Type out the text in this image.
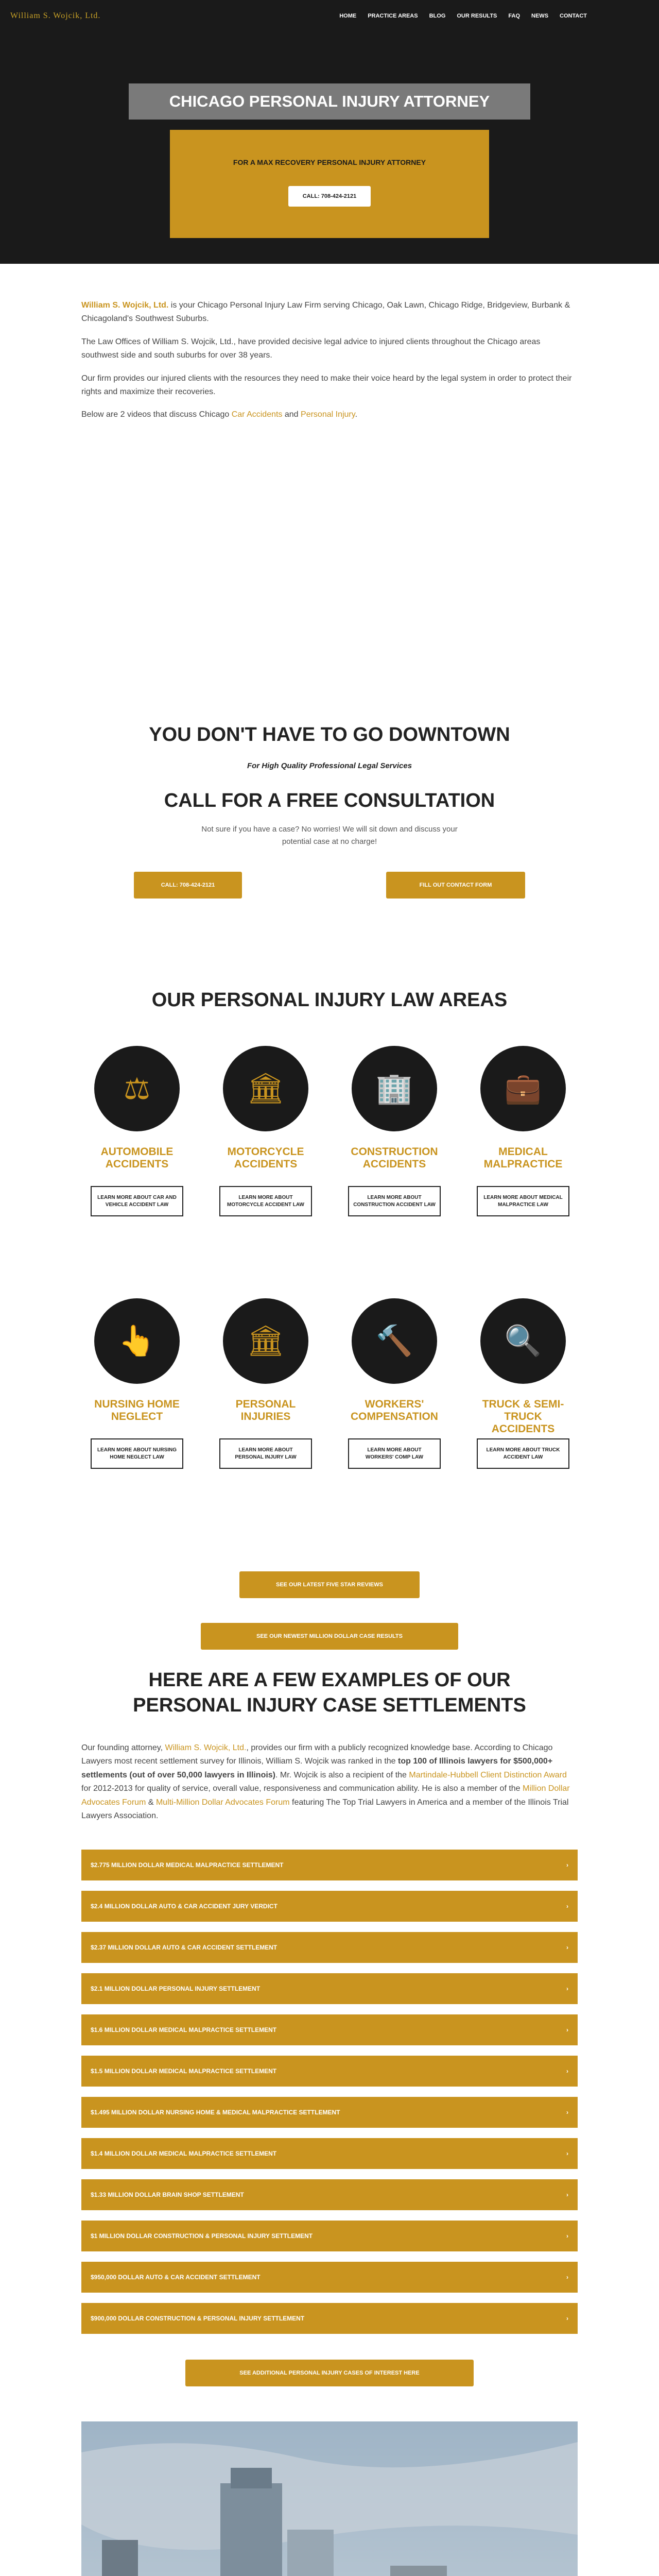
William S. Wojcik, Ltd.	HOME PRACTICE AREAS BLOG OUR RESULTS FAQ NEWS CONTACT
CHICAGO PERSONAL INJURY ATTORNEY
FOR A MAX RECOVERY PERSONAL INJURY ATTORNEY
CALL: 708-424-2121

William S. Wojcik, Ltd. is your Chicago Personal Injury Law Firm serving Chicago, Oak Lawn, Chicago Ridge, Bridgeview, Burbank & Chicagoland's Southwest Suburbs.

The Law Offices of William S. Wojcik, Ltd., have provided decisive legal advice to injured clients throughout the Chicago areas southwest side and south suburbs for over 38 years.

Our firm provides our injured clients with the resources they need to make their voice heard by the legal system in order to protect their rights and maximize their recoveries.

Below are 2 videos that discuss Chicago Car Accidents and Personal Injury.

YOU DON'T HAVE TO GO DOWNTOWN
For High Quality Professional Legal Services
CALL FOR A FREE CONSULTATION
Not sure if you have a case? No worries! We will sit down and discuss your potential case at no charge!
CALL: 708-424-2121	FILL OUT CONTACT FORM
OUR PERSONAL INJURY LAW AREAS
⚖
AUTOMOBILE ACCIDENTS
LEARN MORE ABOUT CAR AND VEHICLE ACCIDENT LAW
🏛
MOTORCYCLE ACCIDENTS
LEARN MORE ABOUT MOTORCYCLE ACCIDENT LAW
🏢
CONSTRUCTION ACCIDENTS
LEARN MORE ABOUT CONSTRUCTION ACCIDENT LAW
💼
MEDICAL MALPRACTICE
LEARN MORE ABOUT MEDICAL MALPRACTICE LAW
👆
NURSING HOME NEGLECT
LEARN MORE ABOUT NURSING HOME NEGLECT LAW
🏛
PERSONAL INJURIES
LEARN MORE ABOUT PERSONAL INJURY LAW
🔨
WORKERS' COMPENSATION
LEARN MORE ABOUT WORKERS' COMP LAW
🔍
TRUCK & SEMI-TRUCK ACCIDENTS
LEARN MORE ABOUT TRUCK ACCIDENT LAW
SEE OUR LATEST FIVE STAR REVIEWS
SEE OUR NEWEST MILLION DOLLAR CASE RESULTS
HERE ARE A FEW EXAMPLES OF OUR
PERSONAL INJURY CASE SETTLEMENTS
Our founding attorney, William S. Wojcik, Ltd., provides our firm with a publicly recognized knowledge base. According to Chicago Lawyers most recent settlement survey for Illinois, William S. Wojcik was ranked in the top 100 of Illinois lawyers for $500,000+ settlements (out of over 50,000 lawyers in Illinois). Mr. Wojcik is also a recipient of the Martindale-Hubbell Client Distinction Award for 2012-2013 for quality of service, overall value, responsiveness and communication ability. He is also a member of the Million Dollar Advocates Forum & Multi-Million Dollar Advocates Forum featuring The Top Trial Lawyers in America and a member of the Illinois Trial Lawyers Association.
$2.775 MILLION DOLLAR MEDICAL MALPRACTICE SETTLEMENT	›
$2.4 MILLION DOLLAR AUTO & CAR ACCIDENT JURY VERDICT	›
$2.37 MILLION DOLLAR AUTO & CAR ACCIDENT SETTLEMENT	›
$2.1 MILLION DOLLAR PERSONAL INJURY SETTLEMENT	›
$1.6 MILLION DOLLAR MEDICAL MALPRACTICE SETTLEMENT	›
$1.5 MILLION DOLLAR MEDICAL MALPRACTICE SETTLEMENT	›
$1.495 MILLION DOLLAR NURSING HOME & MEDICAL MALPRACTICE SETTLEMENT	›
$1.4 MILLION DOLLAR MEDICAL MALPRACTICE SETTLEMENT	›
$1.33 MILLION DOLLAR BRAIN SHOP SETTLEMENT	›
$1 MILLION DOLLAR CONSTRUCTION & PERSONAL INJURY SETTLEMENT	›
$950,000 DOLLAR AUTO & CAR ACCIDENT SETTLEMENT	›
$900,000 DOLLAR CONSTRUCTION & PERSONAL INJURY SETTLEMENT	›
SEE ADDITIONAL PERSONAL INJURY CASES OF INTEREST HERE
